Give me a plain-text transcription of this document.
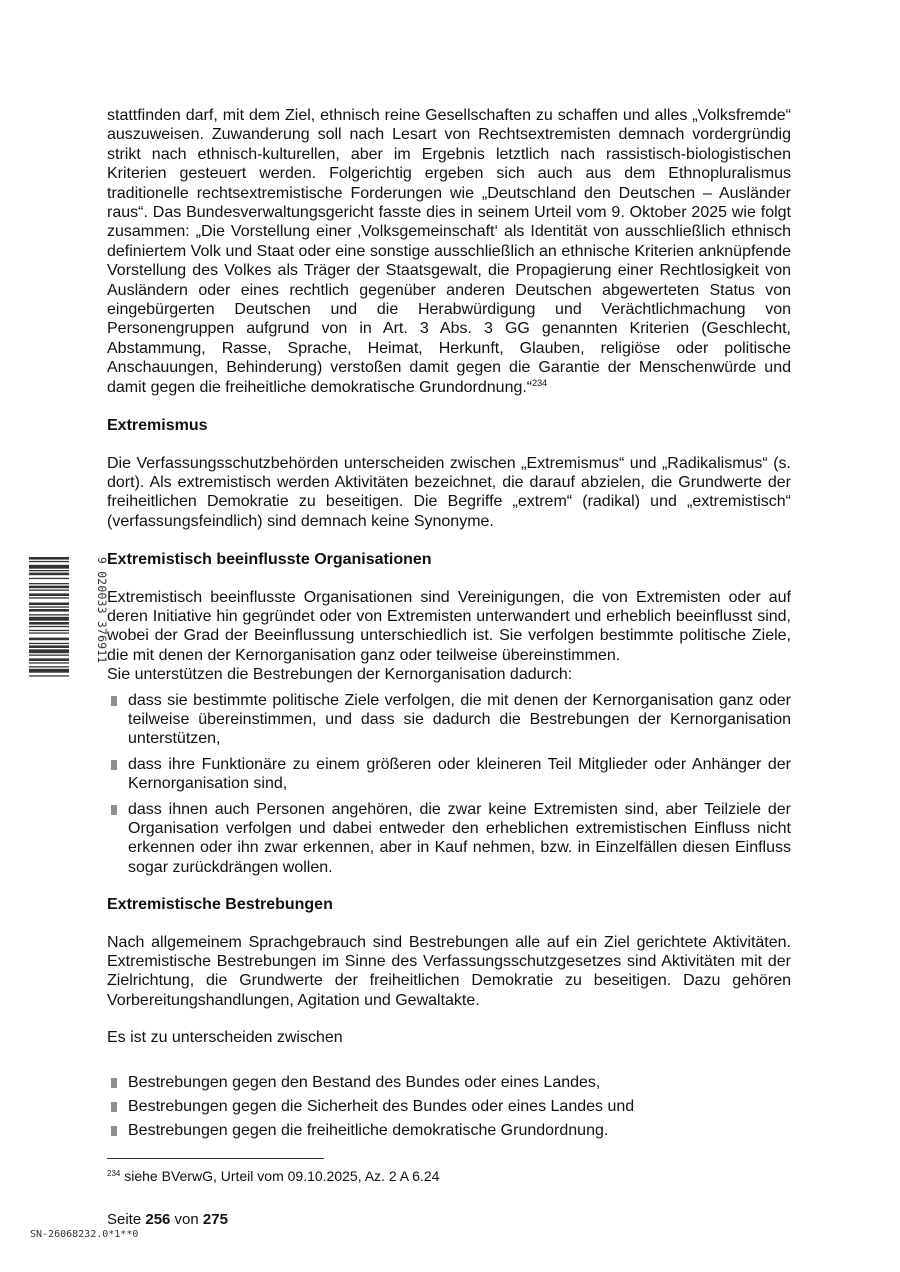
9 020033 376911

stattfinden darf, mit dem Ziel, ethnisch reine Gesellschaften zu schaffen und alles „Volksfremde“ auszuweisen. Zuwanderung soll nach Lesart von Rechtsextremisten demnach vordergründig strikt nach ethnisch-kulturellen, aber im Ergebnis letztlich nach rassistisch-biologistischen Kriterien gesteuert werden. Folgerichtig ergeben sich auch aus dem Ethnopluralismus traditionelle rechtsextremistische Forderungen wie „Deutschland den Deutschen – Ausländer raus“. Das Bundesverwaltungsgericht fasste dies in seinem Urteil vom 9. Oktober 2025 wie folgt zusammen: „Die Vorstellung einer ‚Volksgemeinschaft‘ als Identität von ausschließlich ethnisch definiertem Volk und Staat oder eine sonstige ausschließlich an ethnische Kriterien anknüpfende Vorstellung des Volkes als Träger der Staatsgewalt, die Propagierung einer Rechtlosigkeit von Ausländern oder eines rechtlich gegenüber anderen Deutschen abgewerteten Status von eingebürgerten Deutschen und die Herabwürdigung und Verächtlichmachung von Personengruppen aufgrund von in Art. 3 Abs. 3 GG genannten Kriterien (Geschlecht, Abstammung, Rasse, Sprache, Heimat, Herkunft, Glauben, religiöse oder politische Anschauungen, Behinderung) verstoßen damit gegen die Garantie der Menschenwürde und damit gegen die freiheitliche demokratische Grundordnung.“$^{234}$

Extremismus

Die Verfassungsschutzbehörden unterscheiden zwischen „Extremismus“ und „Radikalismus“ (s. dort). Als extremistisch werden Aktivitäten bezeichnet, die darauf abzielen, die Grundwerte der freiheitlichen Demokratie zu beseitigen. Die Begriffe „extrem“ (radikal) und „extremistisch“ (verfassungsfeindlich) sind demnach keine Synonyme.

Extremistisch beeinflusste Organisationen

Extremistisch beeinflusste Organisationen sind Vereinigungen, die von Extremisten oder auf deren Initiative hin gegründet oder von Extremisten unterwandert und erheblich beeinflusst sind, wobei der Grad der Beeinflussung unterschiedlich ist. Sie verfolgen bestimmte politische Ziele, die mit denen der Kernorganisation ganz oder teilweise übereinstimmen.

Sie unterstützen die Bestrebungen der Kernorganisation dadurch:

dass sie bestimmte politische Ziele verfolgen, die mit denen der Kernorganisation ganz oder teilweise übereinstimmen, und dass sie dadurch die Bestrebungen der Kernorganisation unterstützen,
dass ihre Funktionäre zu einem größeren oder kleineren Teil Mitglieder oder Anhänger der Kernorganisation sind,
dass ihnen auch Personen angehören, die zwar keine Extremisten sind, aber Teilziele der Organisation verfolgen und dabei entweder den erheblichen extremistischen Einfluss nicht erkennen oder ihn zwar erkennen, aber in Kauf nehmen, bzw. in Einzelfällen diesen Einfluss sogar zurückdrängen wollen.
Extremistische Bestrebungen

Nach allgemeinem Sprachgebrauch sind Bestrebungen alle auf ein Ziel gerichtete Aktivitäten. Extremistische Bestrebungen im Sinne des Verfassungsschutzgesetzes sind Aktivitäten mit der Zielrichtung, die Grundwerte der freiheitlichen Demokratie zu beseitigen. Dazu gehören Vorbereitungshandlungen, Agitation und Gewaltakte.

Es ist zu unterscheiden zwischen

Bestrebungen gegen den Bestand des Bundes oder eines Landes,
Bestrebungen gegen die Sicherheit des Bundes oder eines Landes und
Bestrebungen gegen die freiheitliche demokratische Grundordnung.
$^{234}$ siehe BVerwG, Urteil vom 09.10.2025, Az. 2 A 6.24
Seite 256 von 275
SN-26068232.0*1**0
